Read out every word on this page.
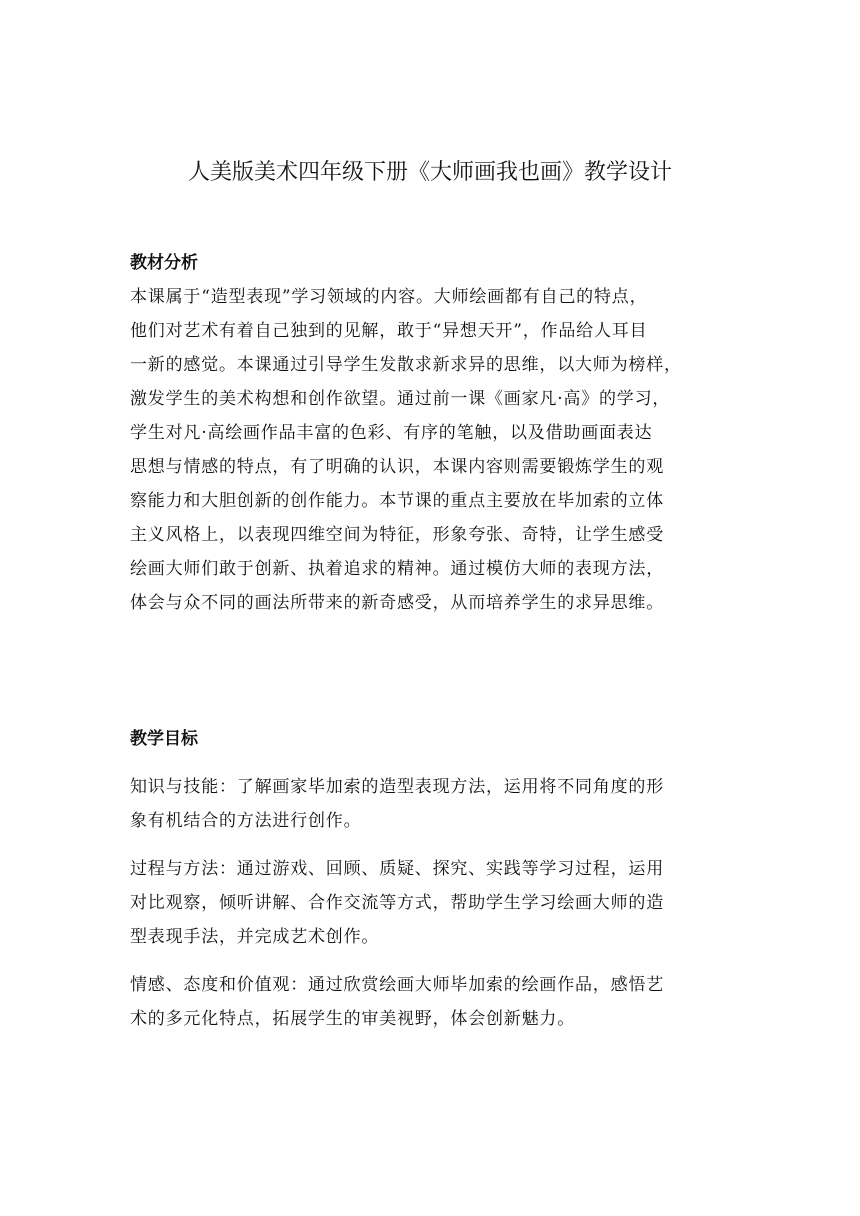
人美版美术四年级下册《大师画我也画》教学设计
教材分析
本课属于“造型表现”学习领域的内容。大师绘画都有自己的特点，
他们对艺术有着自己独到的见解，敢于“异想天开”，作品给人耳目
一新的感觉。本课通过引导学生发散求新求异的思维，以大师为榜样，
激发学生的美术构想和创作欲望。通过前一课《画家凡·高》的学习，
学生对凡·高绘画作品丰富的色彩、有序的笔触，以及借助画面表达
思想与情感的特点，有了明确的认识，本课内容则需要锻炼学生的观
察能力和大胆创新的创作能力。本节课的重点主要放在毕加索的立体
主义风格上，以表现四维空间为特征，形象夸张、奇特，让学生感受
绘画大师们敢于创新、执着追求的精神。通过模仿大师的表现方法，
体会与众不同的画法所带来的新奇感受，从而培养学生的求异思维。
教学目标
知识与技能：了解画家毕加索的造型表现方法，运用将不同角度的形
象有机结合的方法进行创作。
过程与方法：通过游戏、回顾、质疑、探究、实践等学习过程，运用
对比观察，倾听讲解、合作交流等方式，帮助学生学习绘画大师的造
型表现手法，并完成艺术创作。
情感、态度和价值观：通过欣赏绘画大师毕加索的绘画作品，感悟艺
术的多元化特点，拓展学生的审美视野，体会创新魅力。
